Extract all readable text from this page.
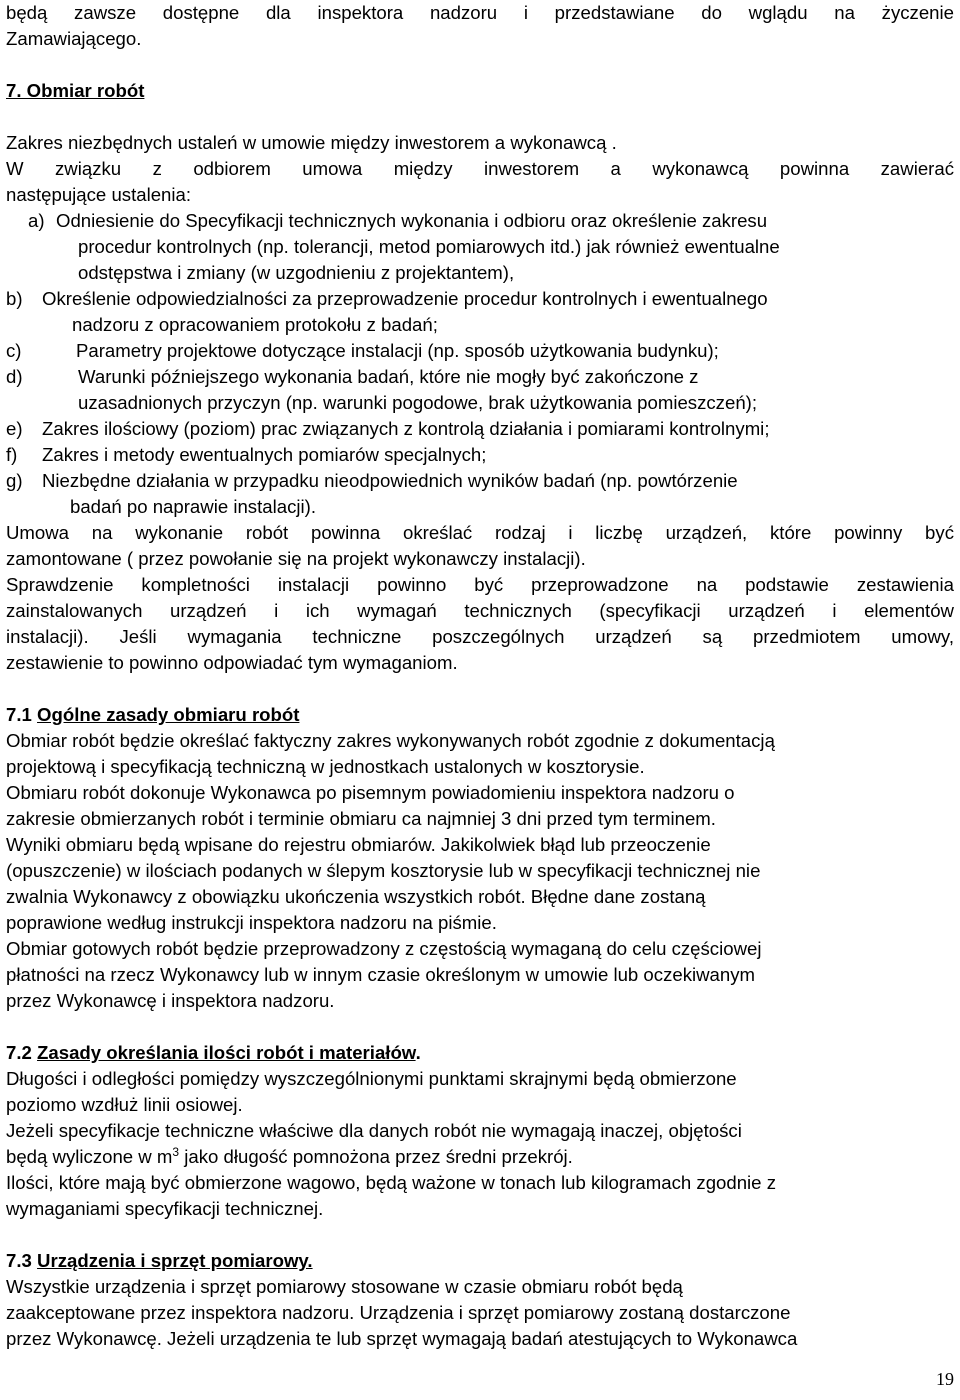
będą zawsze dostępne dla inspektora nadzoru i przedstawiane do wglądu na życzenie
Zamawiającego.
7. Obmiar robót
Zakres niezbędnych ustaleń w umowie między inwestorem a wykonawcą .
W związku z odbiorem umowa między inwestorem a wykonawcą powinna zawierać
następujące ustalenia:
a) Odniesienie do Specyfikacji technicznych wykonania i odbioru oraz określenie zakresu
procedur kontrolnych (np. tolerancji, metod pomiarowych itd.) jak również ewentualne
odstępstwa i zmiany (w uzgodnieniu z projektantem),
b) Określenie odpowiedzialności za przeprowadzenie procedur kontrolnych i ewentualnego
nadzoru z opracowaniem protokołu z badań;
c)	Parametry projektowe dotyczące instalacji (np. sposób użytkowania budynku);
d)	Warunki późniejszego wykonania badań, które nie mogły być zakończone z
uzasadnionych przyczyn (np. warunki pogodowe, brak użytkowania pomieszczeń);
e) Zakres ilościowy (poziom) prac związanych z kontrolą działania i pomiarami kontrolnymi;
f) Zakres i metody ewentualnych pomiarów specjalnych;
g) Niezbędne działania w przypadku nieodpowiednich wyników badań (np. powtórzenie
badań po naprawie instalacji).
Umowa na wykonanie robót powinna określać rodzaj i liczbę urządzeń, które powinny być
zamontowane ( przez powołanie się na projekt wykonawczy instalacji).
Sprawdzenie kompletności instalacji powinno być przeprowadzone na podstawie zestawienia
zainstalowanych urządzeń i ich wymagań technicznych (specyfikacji urządzeń i elementów
instalacji). Jeśli wymagania techniczne poszczególnych urządzeń są przedmiotem umowy,
zestawienie to powinno odpowiadać tym wymaganiom.
7.1 Ogólne zasady obmiaru robót
Obmiar robót będzie określać faktyczny zakres wykonywanych robót zgodnie z dokumentacją
projektową i specyfikacją techniczną w jednostkach ustalonych w kosztorysie.
Obmiaru robót dokonuje Wykonawca po pisemnym powiadomieniu inspektora nadzoru o
zakresie obmierzanych robót i terminie obmiaru ca najmniej 3 dni przed tym terminem.
Wyniki obmiaru będą wpisane do rejestru obmiarów. Jakikolwiek błąd lub przeoczenie
(opuszczenie) w ilościach podanych w ślepym kosztorysie lub w specyfikacji technicznej nie
zwalnia Wykonawcy z obowiązku ukończenia wszystkich robót. Błędne dane zostaną
poprawione według instrukcji inspektora nadzoru na piśmie.
Obmiar gotowych robót będzie przeprowadzony z częstością wymaganą do celu częściowej
płatności na rzecz Wykonawcy lub w innym czasie określonym w umowie lub oczekiwanym
przez Wykonawcę i inspektora nadzoru.
7.2 Zasady określania ilości robót i materiałów.
Długości i odległości pomiędzy wyszczególnionymi punktami skrajnymi będą obmierzone
poziomo wzdłuż linii osiowej.
Jeżeli specyfikacje techniczne właściwe dla danych robót nie wymagają inaczej, objętości
będą wyliczone w $m^3$ jako długość pomnożona przez średni przekrój.
Ilości, które mają być obmierzone wagowo, będą ważone w tonach lub kilogramach zgodnie z
wymaganiami specyfikacji technicznej.
7.3 Urządzenia i sprzęt pomiarowy.
Wszystkie urządzenia i sprzęt pomiarowy stosowane w czasie obmiaru robót będą
zaakceptowane przez inspektora nadzoru. Urządzenia i sprzęt pomiarowy zostaną dostarczone
przez Wykonawcę. Jeżeli urządzenia te lub sprzęt wymagają badań atestujących to Wykonawca
19
